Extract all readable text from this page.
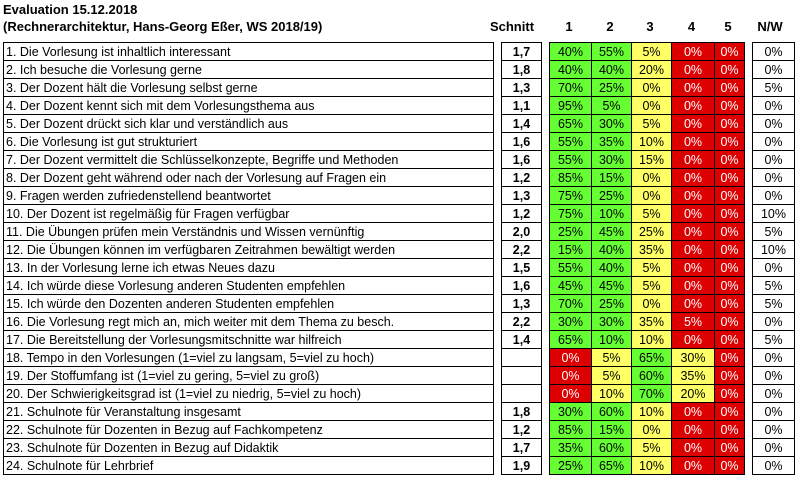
Evaluation 15.12.2018
(Rechnerarchitektur, Hans-Georg Eßer, WS 2018/19)	Schnitt	1	2	3	4	5	N/W
1. Die Vorlesung ist inhaltlich interessant		1,7		40%	55%	5%	0%	0%		0%
2. Ich besuche die Vorlesung gerne		1,8		40%	40%	20%	0%	0%		0%
3. Der Dozent hält die Vorlesung selbst gerne		1,3		70%	25%	0%	0%	0%		5%
4. Der Dozent kennt sich mit dem Vorlesungsthema aus		1,1		95%	5%	0%	0%	0%		0%
5. Der Dozent drückt sich klar und verständlich aus		1,4		65%	30%	5%	0%	0%		0%
6. Die Vorlesung ist gut strukturiert		1,6		55%	35%	10%	0%	0%		0%
7. Der Dozent vermittelt die Schlüsselkonzepte, Begriffe und Methoden		1,6		55%	30%	15%	0%	0%		0%
8. Der Dozent geht während oder nach der Vorlesung auf Fragen ein		1,2		85%	15%	0%	0%	0%		0%
9. Fragen werden zufriedenstellend beantwortet		1,3		75%	25%	0%	0%	0%		0%
10. Der Dozent ist regelmäßig für Fragen verfügbar		1,2		75%	10%	5%	0%	0%		10%
11. Die Übungen prüfen mein Verständnis und Wissen vernünftig		2,0		25%	45%	25%	0%	0%		5%
12. Die Übungen können im verfügbaren Zeitrahmen bewältigt werden		2,2		15%	40%	35%	0%	0%		10%
13. In der Vorlesung lerne ich etwas Neues dazu		1,5		55%	40%	5%	0%	0%		0%
14. Ich würde diese Vorlesung anderen Studenten empfehlen		1,6		45%	45%	5%	0%	0%		5%
15. Ich würde den Dozenten anderen Studenten empfehlen		1,3		70%	25%	0%	0%	0%		5%
16. Die Vorlesung regt mich an, mich weiter mit dem Thema zu besch.		2,2		30%	30%	35%	5%	0%		0%
17. Die Bereitstellung der Vorlesungsmitschnitte war hilfreich		1,4		65%	10%	10%	0%	0%		5%
18. Tempo in den Vorlesungen (1=viel zu langsam, 5=viel zu hoch)				0%	5%	65%	30%	0%		0%
19. Der Stoffumfang ist (1=viel zu gering, 5=viel zu groß)				0%	5%	60%	35%	0%		0%
20. Der Schwierigkeitsgrad ist (1=viel zu niedrig, 5=viel zu hoch)				0%	10%	70%	20%	0%		0%
21. Schulnote für Veranstaltung insgesamt		1,8		30%	60%	10%	0%	0%		0%
22. Schulnote für Dozenten in Bezug auf Fachkompetenz		1,2		85%	15%	0%	0%	0%		0%
23. Schulnote für Dozenten in Bezug auf Didaktik		1,7		35%	60%	5%	0%	0%		0%
24. Schulnote für Lehrbrief		1,9		25%	65%	10%	0%	0%		0%
